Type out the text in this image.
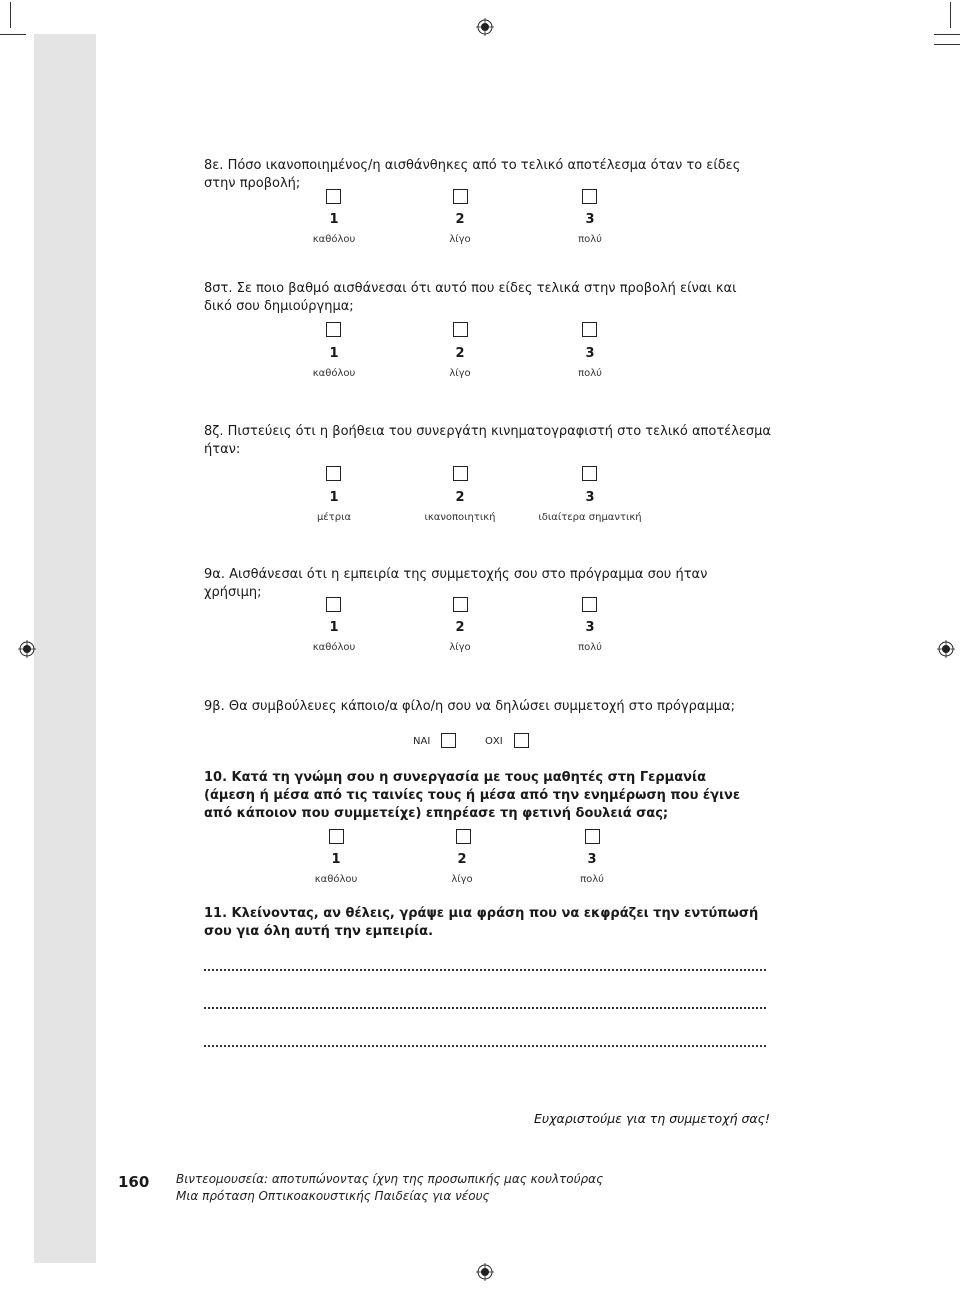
8ε. Πόσο ικανοποιημένος/η αισθάνθηκες από το τελικό αποτέλεσμα όταν το είδες στην προβολή;
1	2	3
καθόλου	λίγο	πολύ
8στ. Σε ποιο βαθμό αισθάνεσαι ότι αυτό που είδες τελικά στην προβολή είναι και δικό σου δημιούργημα;
1	2	3
καθόλου	λίγο	πολύ
8ζ. Πιστεύεις ότι η βοήθεια του συνεργάτη κινηματογραφιστή στο τελικό αποτέλεσμα ήταν:
1	2	3
μέτρια	ικανοποιητική	ιδιαίτερα σημαντική
9α. Αισθάνεσαι ότι η εμπειρία της συμμετοχής σου στο πρόγραμμα σου ήταν χρήσιμη;
1	2	3
καθόλου	λίγο	πολύ
9β. Θα συμβούλευες κάποιο/α φίλο/η σου να δηλώσει συμμετοχή στο πρόγραμμα;
ΝΑΙ	ΟΧΙ
10. Κατά τη γνώμη σου η συνεργασία με τους μαθητές στη Γερμανία (άμεση ή μέσα από τις ταινίες τους ή μέσα από την ενημέρωση που έγινε από κάποιον που συμμετείχε) επηρέασε τη φετινή δουλειά σας;
1	2	3
καθόλου	λίγο	πολύ
11. Κλείνοντας, αν θέλεις, γράψε μια φράση που να εκφράζει την εντύπωσή σου για όλη αυτή την εμπειρία.
Ευχαριστούμε για τη συμμετοχή σας!
160 Βιντεομουσεία: αποτυπώνοντας ίχνη της προσωπικής μας κουλτούρας
Μια πρόταση Οπτικοακουστικής Παιδείας για νέους
